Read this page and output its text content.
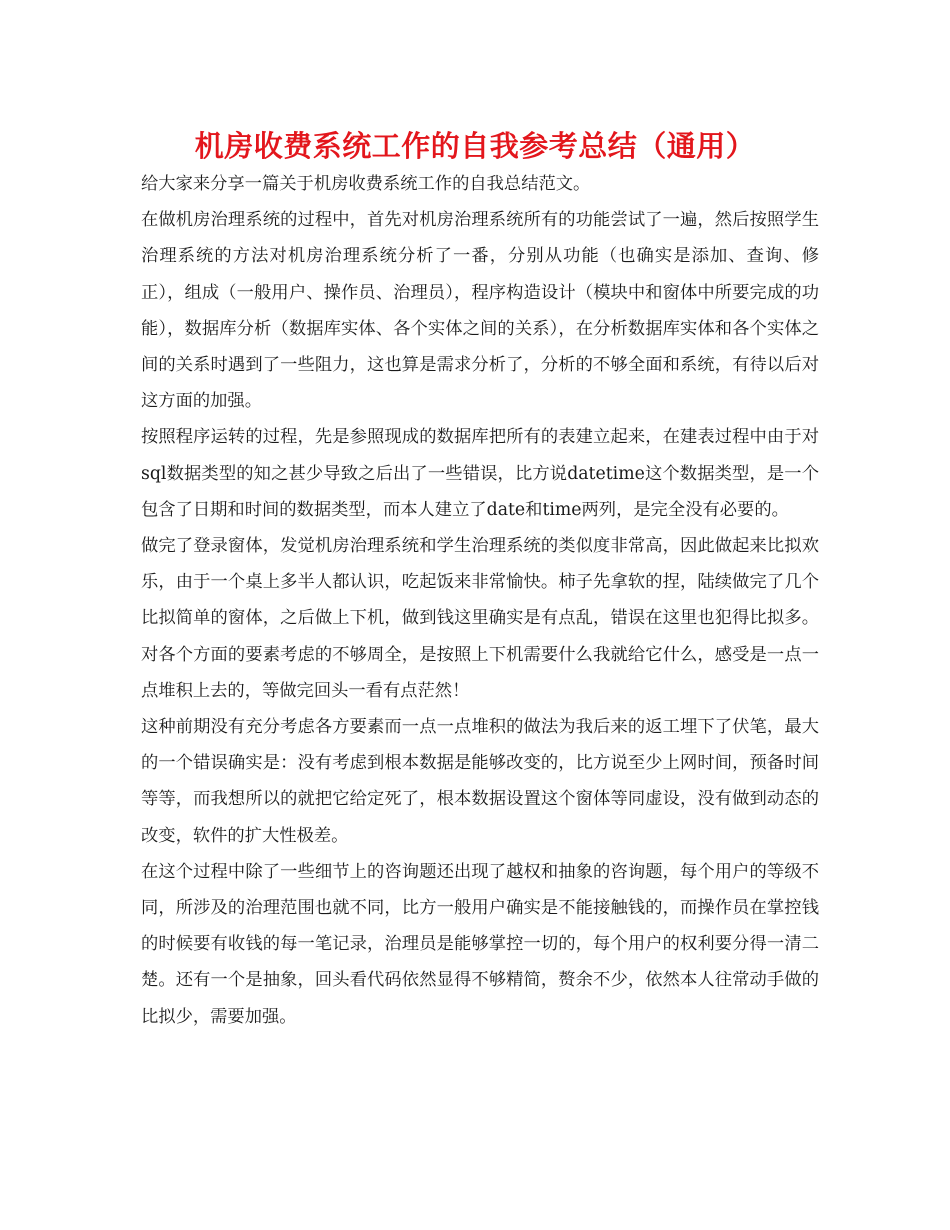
机房收费系统工作的自我参考总结（通用）

给大家来分享一篇关于机房收费系统工作的自我总结范文。

在做机房治理系统的过程中，首先对机房治理系统所有的功能尝试了一遍，然后按照学生治理系统的方法对机房治理系统分析了一番，分别从功能（也确实是添加、查询、修正），组成（一般用户、操作员、治理员），程序构造设计（模块中和窗体中所要完成的功能），数据库分析（数据库实体、各个实体之间的关系），在分析数据库实体和各个实体之间的关系时遇到了一些阻力，这也算是需求分析了，分析的不够全面和系统，有待以后对这方面的加强。

按照程序运转的过程，先是参照现成的数据库把所有的表建立起来，在建表过程中由于对sql数据类型的知之甚少导致之后出了一些错误，比方说datetime这个数据类型，是一个包含了日期和时间的数据类型，而本人建立了date和time两列，是完全没有必要的。

做完了登录窗体，发觉机房治理系统和学生治理系统的类似度非常高，因此做起来比拟欢乐，由于一个桌上多半人都认识，吃起饭来非常愉快。柿子先拿软的捏，陆续做完了几个比拟简单的窗体，之后做上下机，做到钱这里确实是有点乱，错误在这里也犯得比拟多。对各个方面的要素考虑的不够周全，是按照上下机需要什么我就给它什么，感受是一点一点堆积上去的，等做完回头一看有点茫然！

这种前期没有充分考虑各方要素而一点一点堆积的做法为我后来的返工埋下了伏笔，最大的一个错误确实是：没有考虑到根本数据是能够改变的，比方说至少上网时间，预备时间等等，而我想所以的就把它给定死了，根本数据设置这个窗体等同虚设，没有做到动态的改变，软件的扩大性极差。

在这个过程中除了一些细节上的咨询题还出现了越权和抽象的咨询题，每个用户的等级不同，所涉及的治理范围也就不同，比方一般用户确实是不能接触钱的，而操作员在掌控钱的时候要有收钱的每一笔记录，治理员是能够掌控一切的，每个用户的权利要分得一清二楚。还有一个是抽象，回头看代码依然显得不够精简，赘余不少，依然本人往常动手做的比拟少，需要加强。
